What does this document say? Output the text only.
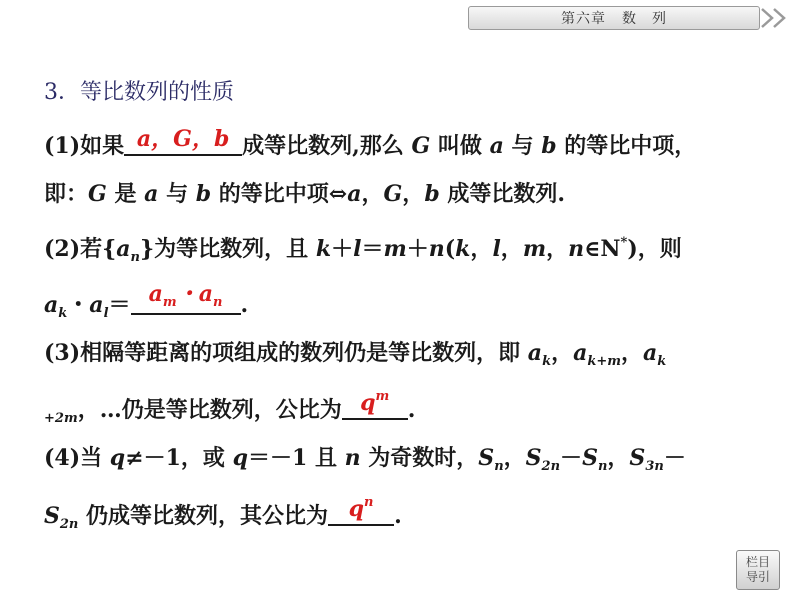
第六章 数　列
3．等比数列的性质
(1)如果 a，G，b 成等比数列,那么 G 叫做 a 与 b 的等比中项，
即：G 是 a 与 b 的等比中项⇔a，G，b 成等比数列.
(2)若$\{a_n\}$为等比数列，且 k＋l＝m＋n(k，l，m，n∈N*)，则
$a_k$・$a_l= a_m$・$a_n$ .
(3)相隔等距离的项组成的数列仍是等比数列，即 $a_k$，$a_{k+m}$，$a_k$
$_{+2m}$，…仍是等比数列，公比为 $q^m$
.
(4)当 q≠－1，或 q＝－1 且 n 为奇数时，$S_n$，$S_{2n}-S_n$，$S_{3n}-$
$S_{2n}$ 仍成等比数列，其公比为 $q^n$
.
栏目
导引
